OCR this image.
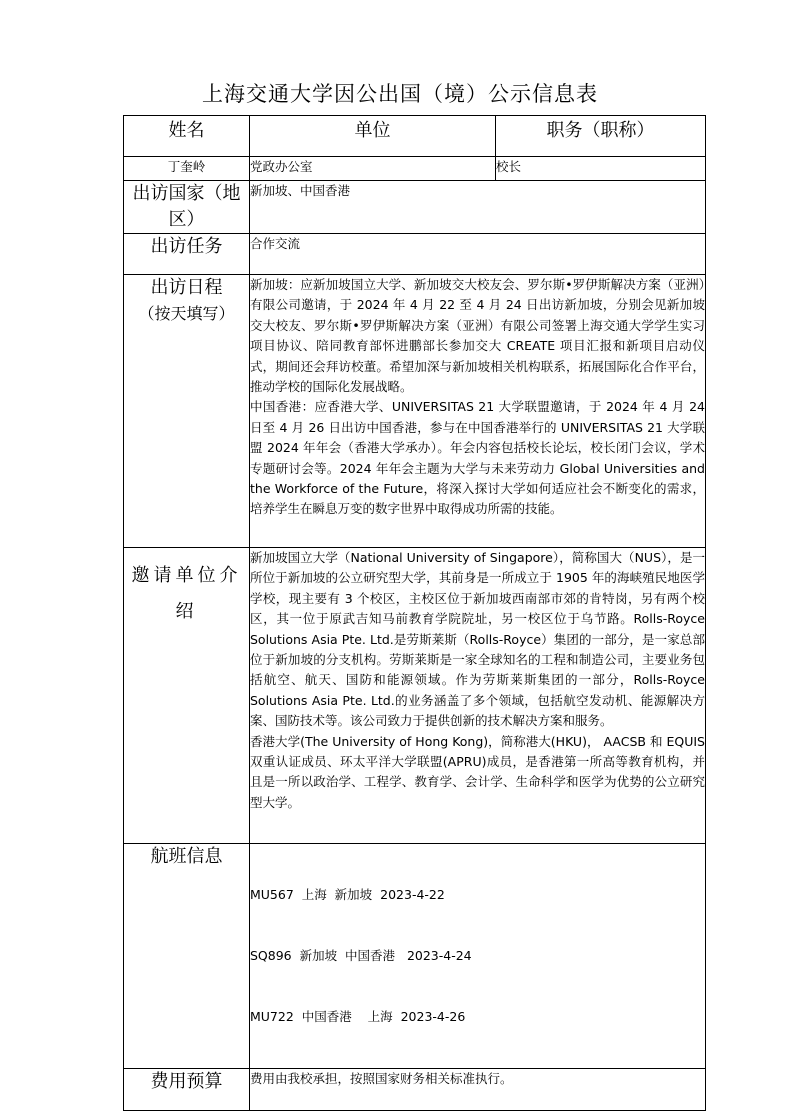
上海交通大学因公出国（境）公示信息表
姓名	单位	职务（职称）
丁奎岭	党政办公室	校长
出访国家（地区）	新加坡、中国香港	
出访任务	合作交流	

出访日程
（按天填写）	新加坡：应新加坡国立大学、新加坡交大校友会、罗尔斯•罗伊斯解决方案（亚洲）有限公司邀请，于 2024 年 4 月 22 至 4 月 24 日出访新加坡，分别会见新加坡交大校友、罗尔斯•罗伊斯解决方案（亚洲）有限公司签署上海交通大学学生实习项目协议、陪同教育部怀进鹏部长参加交大 CREATE 项目汇报和新项目启动仪式，期间还会拜访校董。希望加深与新加坡相关机构联系，拓展国际化合作平台，推动学校的国际化发展战略。
中国香港：应香港大学、UNIVERSITAS 21 大学联盟邀请，于 2024 年 4 月 24 日至 4 月 26 日出访中国香港，参与在中国香港举行的 UNIVERSITAS 21 大学联盟 2024 年年会（香港大学承办）。年会内容包括校长论坛，校长闭门会议，学术专题研讨会等。2024 年年会主题为大学与未来劳动力 Global Universities and the Workforce of the Future，将深入探讨大学如何适应社会不断变化的需求，培养学生在瞬息万变的数字世界中取得成功所需的技能。	

邀请单位介绍	新加坡国立大学（National University of Singapore），简称国大（NUS），是一所位于新加坡的公立研究型大学，其前身是一所成立于 1905 年的海峡殖民地医学学校，现主要有 3 个校区，主校区位于新加坡西南部市郊的肯特岗，另有两个校区，其一位于原武吉知马前教育学院院址，另一校区位于乌节路。Rolls-Royce Solutions Asia Pte. Ltd.是劳斯莱斯（Rolls-Royce）集团的一部分，是一家总部位于新加坡的分支机构。劳斯莱斯是一家全球知名的工程和制造公司，主要业务包括航空、航天、国防和能源领域。作为劳斯莱斯集团的一部分，Rolls-Royce Solutions Asia Pte. Ltd.的业务涵盖了多个领域，包括航空发动机、能源解决方案、国防技术等。该公司致力于提供创新的技术解决方案和服务。
香港大学(The University of Hong Kong)，简称港大(HKU)， AACSB 和 EQUIS 双重认证成员、环太平洋大学联盟(APRU)成员，是香港第一所高等教育机构，并且是一所以政治学、工程学、教育学、会计学、生命科学和医学为优势的公立研究型大学。	

航班信息	MU567  上海  新加坡  2023-4-22

SQ896  新加坡  中国香港   2023-4-24

MU722  中国香港    上海  2023-4-26	

费用预算	费用由我校承担，按照国家财务相关标准执行。	
